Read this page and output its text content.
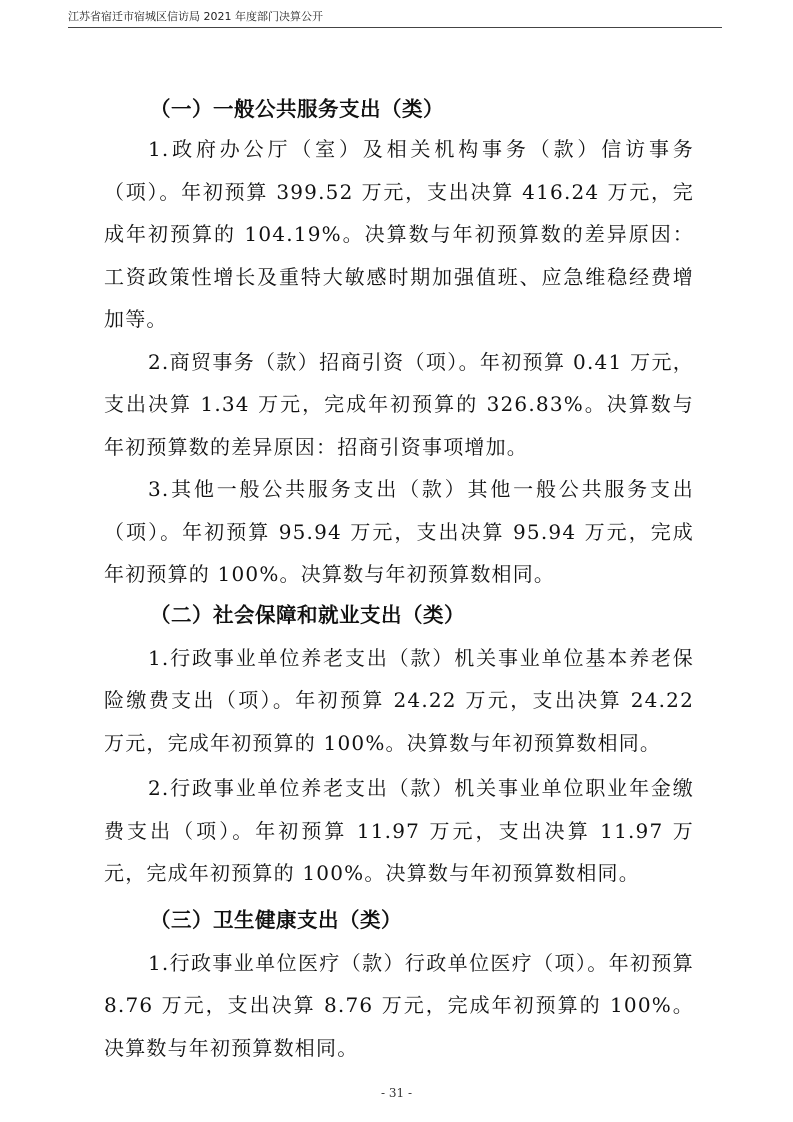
江苏省宿迁市宿城区信访局 2021 年度部门决算公开
（一）一般公共服务支出（类）

1.政府办公厅（室）及相关机构事务（款）信访事务（项）。年初预算 399.52 万元，支出决算 416.24 万元，完成年初预算的 104.19%。决算数与年初预算数的差异原因：工资政策性增长及重特大敏感时期加强值班、应急维稳经费增加等。

2.商贸事务（款）招商引资（项）。年初预算 0.41 万元，支出决算 1.34 万元，完成年初预算的 326.83%。决算数与年初预算数的差异原因：招商引资事项增加。

3.其他一般公共服务支出（款）其他一般公共服务支出（项）。年初预算 95.94 万元，支出决算 95.94 万元，完成年初预算的 100%。决算数与年初预算数相同。

（二）社会保障和就业支出（类）

1.行政事业单位养老支出（款）机关事业单位基本养老保险缴费支出（项）。年初预算 24.22 万元，支出决算 24.22 万元，完成年初预算的 100%。决算数与年初预算数相同。

2.行政事业单位养老支出（款）机关事业单位职业年金缴费支出（项）。年初预算 11.97 万元，支出决算 11.97 万元，完成年初预算的 100%。决算数与年初预算数相同。

（三）卫生健康支出（类）

1.行政事业单位医疗（款）行政单位医疗（项）。年初预算 8.76 万元，支出决算 8.76 万元，完成年初预算的 100%。决算数与年初预算数相同。

- 31 -
